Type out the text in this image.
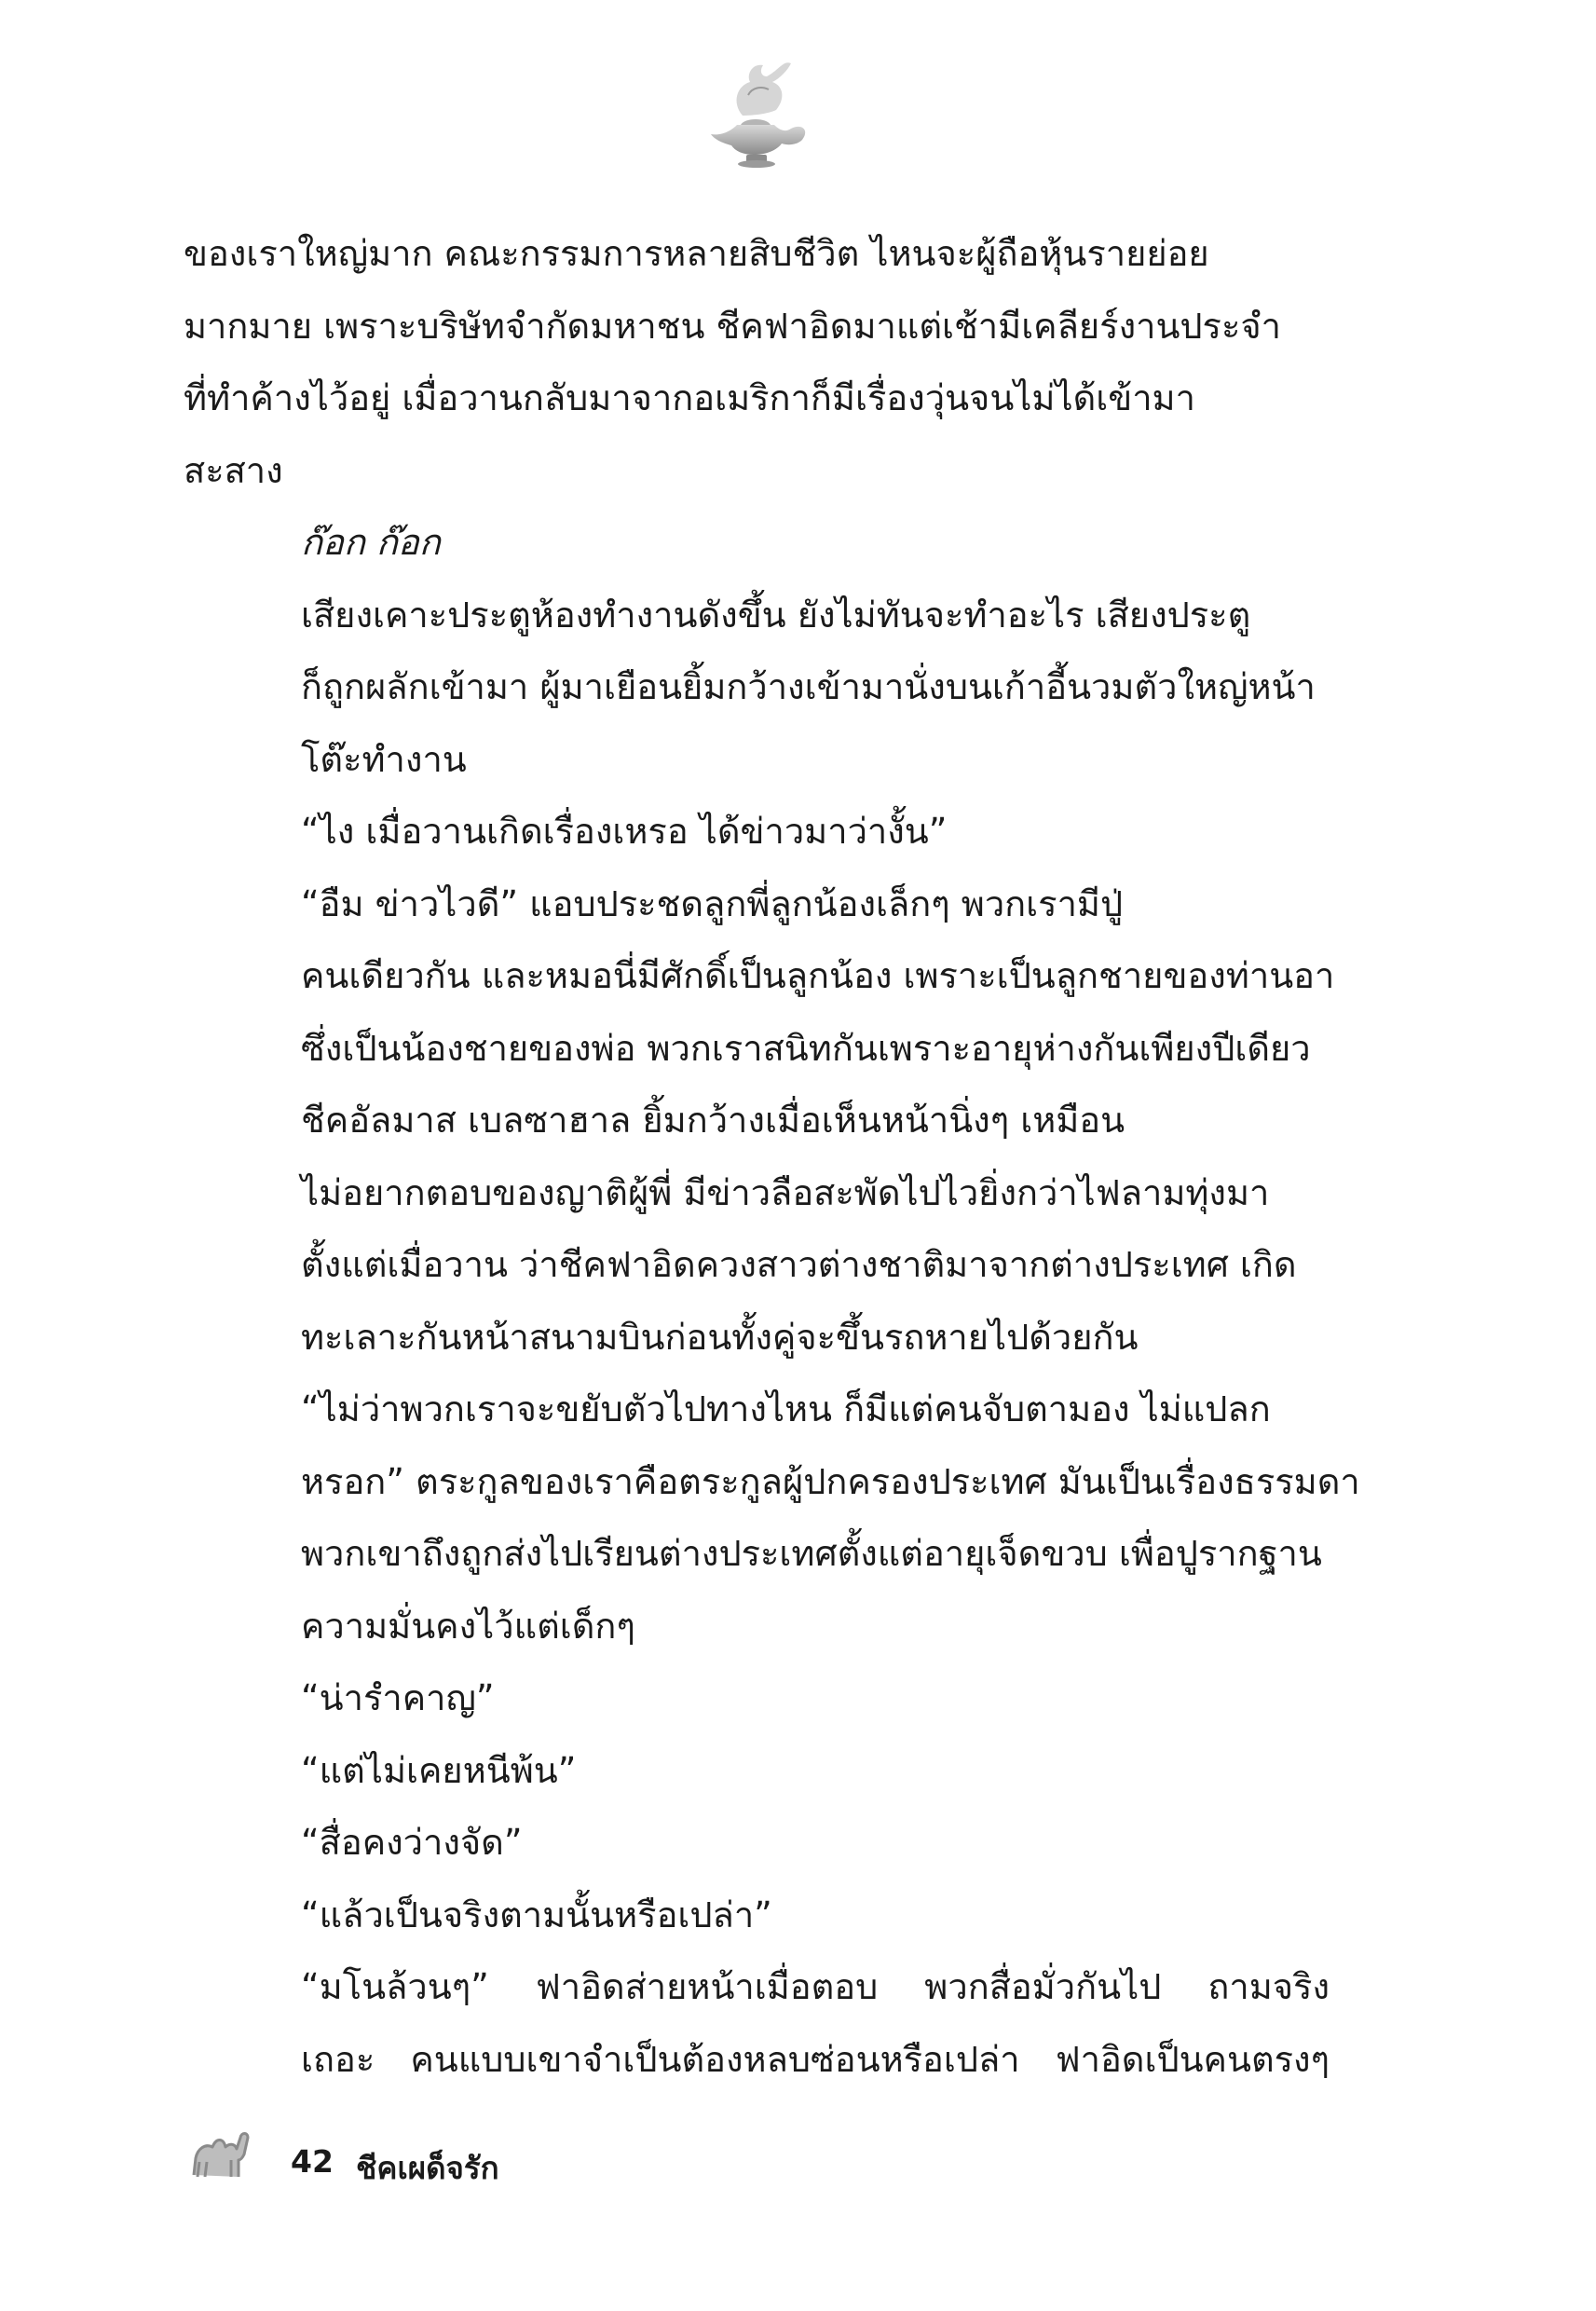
ของเราใหญ่มาก คณะกรรมการหลายสิบชีวิต ไหนจะผู้ถือหุ้นรายย่อย
มากมาย เพราะบริษัทจำกัดมหาชน ชีคฟาอิดมาแต่เช้ามีเคลียร์งานประจำ
ที่ทำค้างไว้อยู่ เมื่อวานกลับมาจากอเมริกาก็มีเรื่องวุ่นจนไม่ได้เข้ามา
สะสาง

ก๊อก ก๊อก

เสียงเคาะประตูห้องทำงานดังขึ้น ยังไม่ทันจะทำอะไร เสียงประตู
ก็ถูกผลักเข้ามา ผู้มาเยือนยิ้มกว้างเข้ามานั่งบนเก้าอี้นวมตัวใหญ่หน้า
โต๊ะทำงาน

“ไง เมื่อวานเกิดเรื่องเหรอ ได้ข่าวมาว่างั้น”

“อืม ข่าวไวดี” แอบประชดลูกพี่ลูกน้องเล็กๆ พวกเรามีปู่
คนเดียวกัน และหมอนี่มีศักดิ์เป็นลูกน้อง เพราะเป็นลูกชายของท่านอา
ซึ่งเป็นน้องชายของพ่อ พวกเราสนิทกันเพราะอายุห่างกันเพียงปีเดียว

ชีคอัลมาส เบลซาฮาล ยิ้มกว้างเมื่อเห็นหน้านิ่งๆ เหมือน
ไม่อยากตอบของญาติผู้พี่ มีข่าวลือสะพัดไปไวยิ่งกว่าไฟลามทุ่งมา
ตั้งแต่เมื่อวาน ว่าชีคฟาอิดควงสาวต่างชาติมาจากต่างประเทศ เกิด
ทะเลาะกันหน้าสนามบินก่อนทั้งคู่จะขึ้นรถหายไปด้วยกัน

“ไม่ว่าพวกเราจะขยับตัวไปทางไหน ก็มีแต่คนจับตามอง ไม่แปลก
หรอก” ตระกูลของเราคือตระกูลผู้ปกครองประเทศ มันเป็นเรื่องธรรมดา
พวกเขาถึงถูกส่งไปเรียนต่างประเทศตั้งแต่อายุเจ็ดขวบ เพื่อปูรากฐาน
ความมั่นคงไว้แต่เด็กๆ

“น่ารำคาญ”

“แต่ไม่เคยหนีพ้น”

“สื่อคงว่างจัด”

“แล้วเป็นจริงตามนั้นหรือเปล่า”

“มโนล้วนๆ” ฟาอิดส่ายหน้าเมื่อตอบ พวกสื่อมั่วกันไป ถามจริง
เถอะ คนแบบเขาจำเป็นต้องหลบซ่อนหรือเปล่า ฟาอิดเป็นคนตรงๆ

42 ชีคเผด็จรัก
